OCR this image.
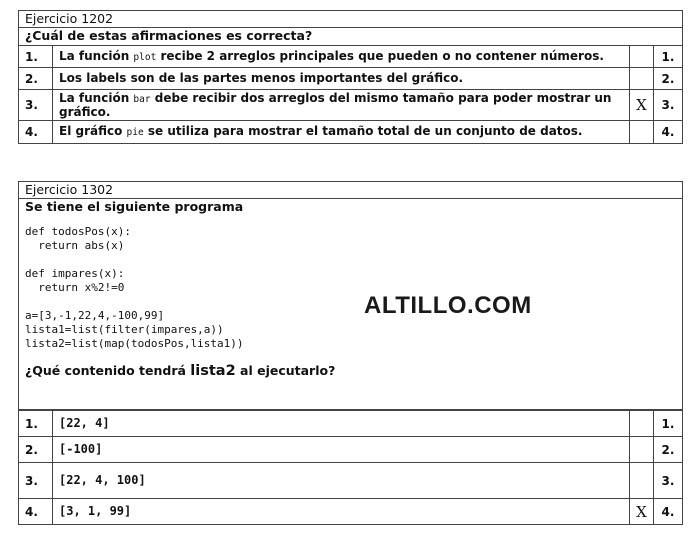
Ejercicio 1202
¿Cuál de estas afirmaciones es correcta?
1.	La función plot recibe 2 arreglos principales que pueden o no contener números.		1.
2.	Los labels son de las partes menos importantes del gráfico.		2.
3.	La función bar debe recibir dos arreglos del mismo tamaño para poder mostrar un gráfico.	X	3.
4.	El gráfico pie se utiliza para mostrar el tamaño total de un conjunto de datos.		4.
Ejercicio 1302
Se tiene el siguiente programa
def todosPos(x):
return abs(x)

def impares(x):
return x%2!=0

a=[3,-1,22,4,-100,99]
lista1=list(filter(impares,a))
lista2=list(map(todosPos,lista1))
¿Qué contenido tendrá lista2 al ejecutarlo?
ALTILLO.COM
1.	[22, 4]		1.
2.	[-100]		2.
3.	[22, 4, 100]		3.
4.	[3, 1, 99]	X	4.
